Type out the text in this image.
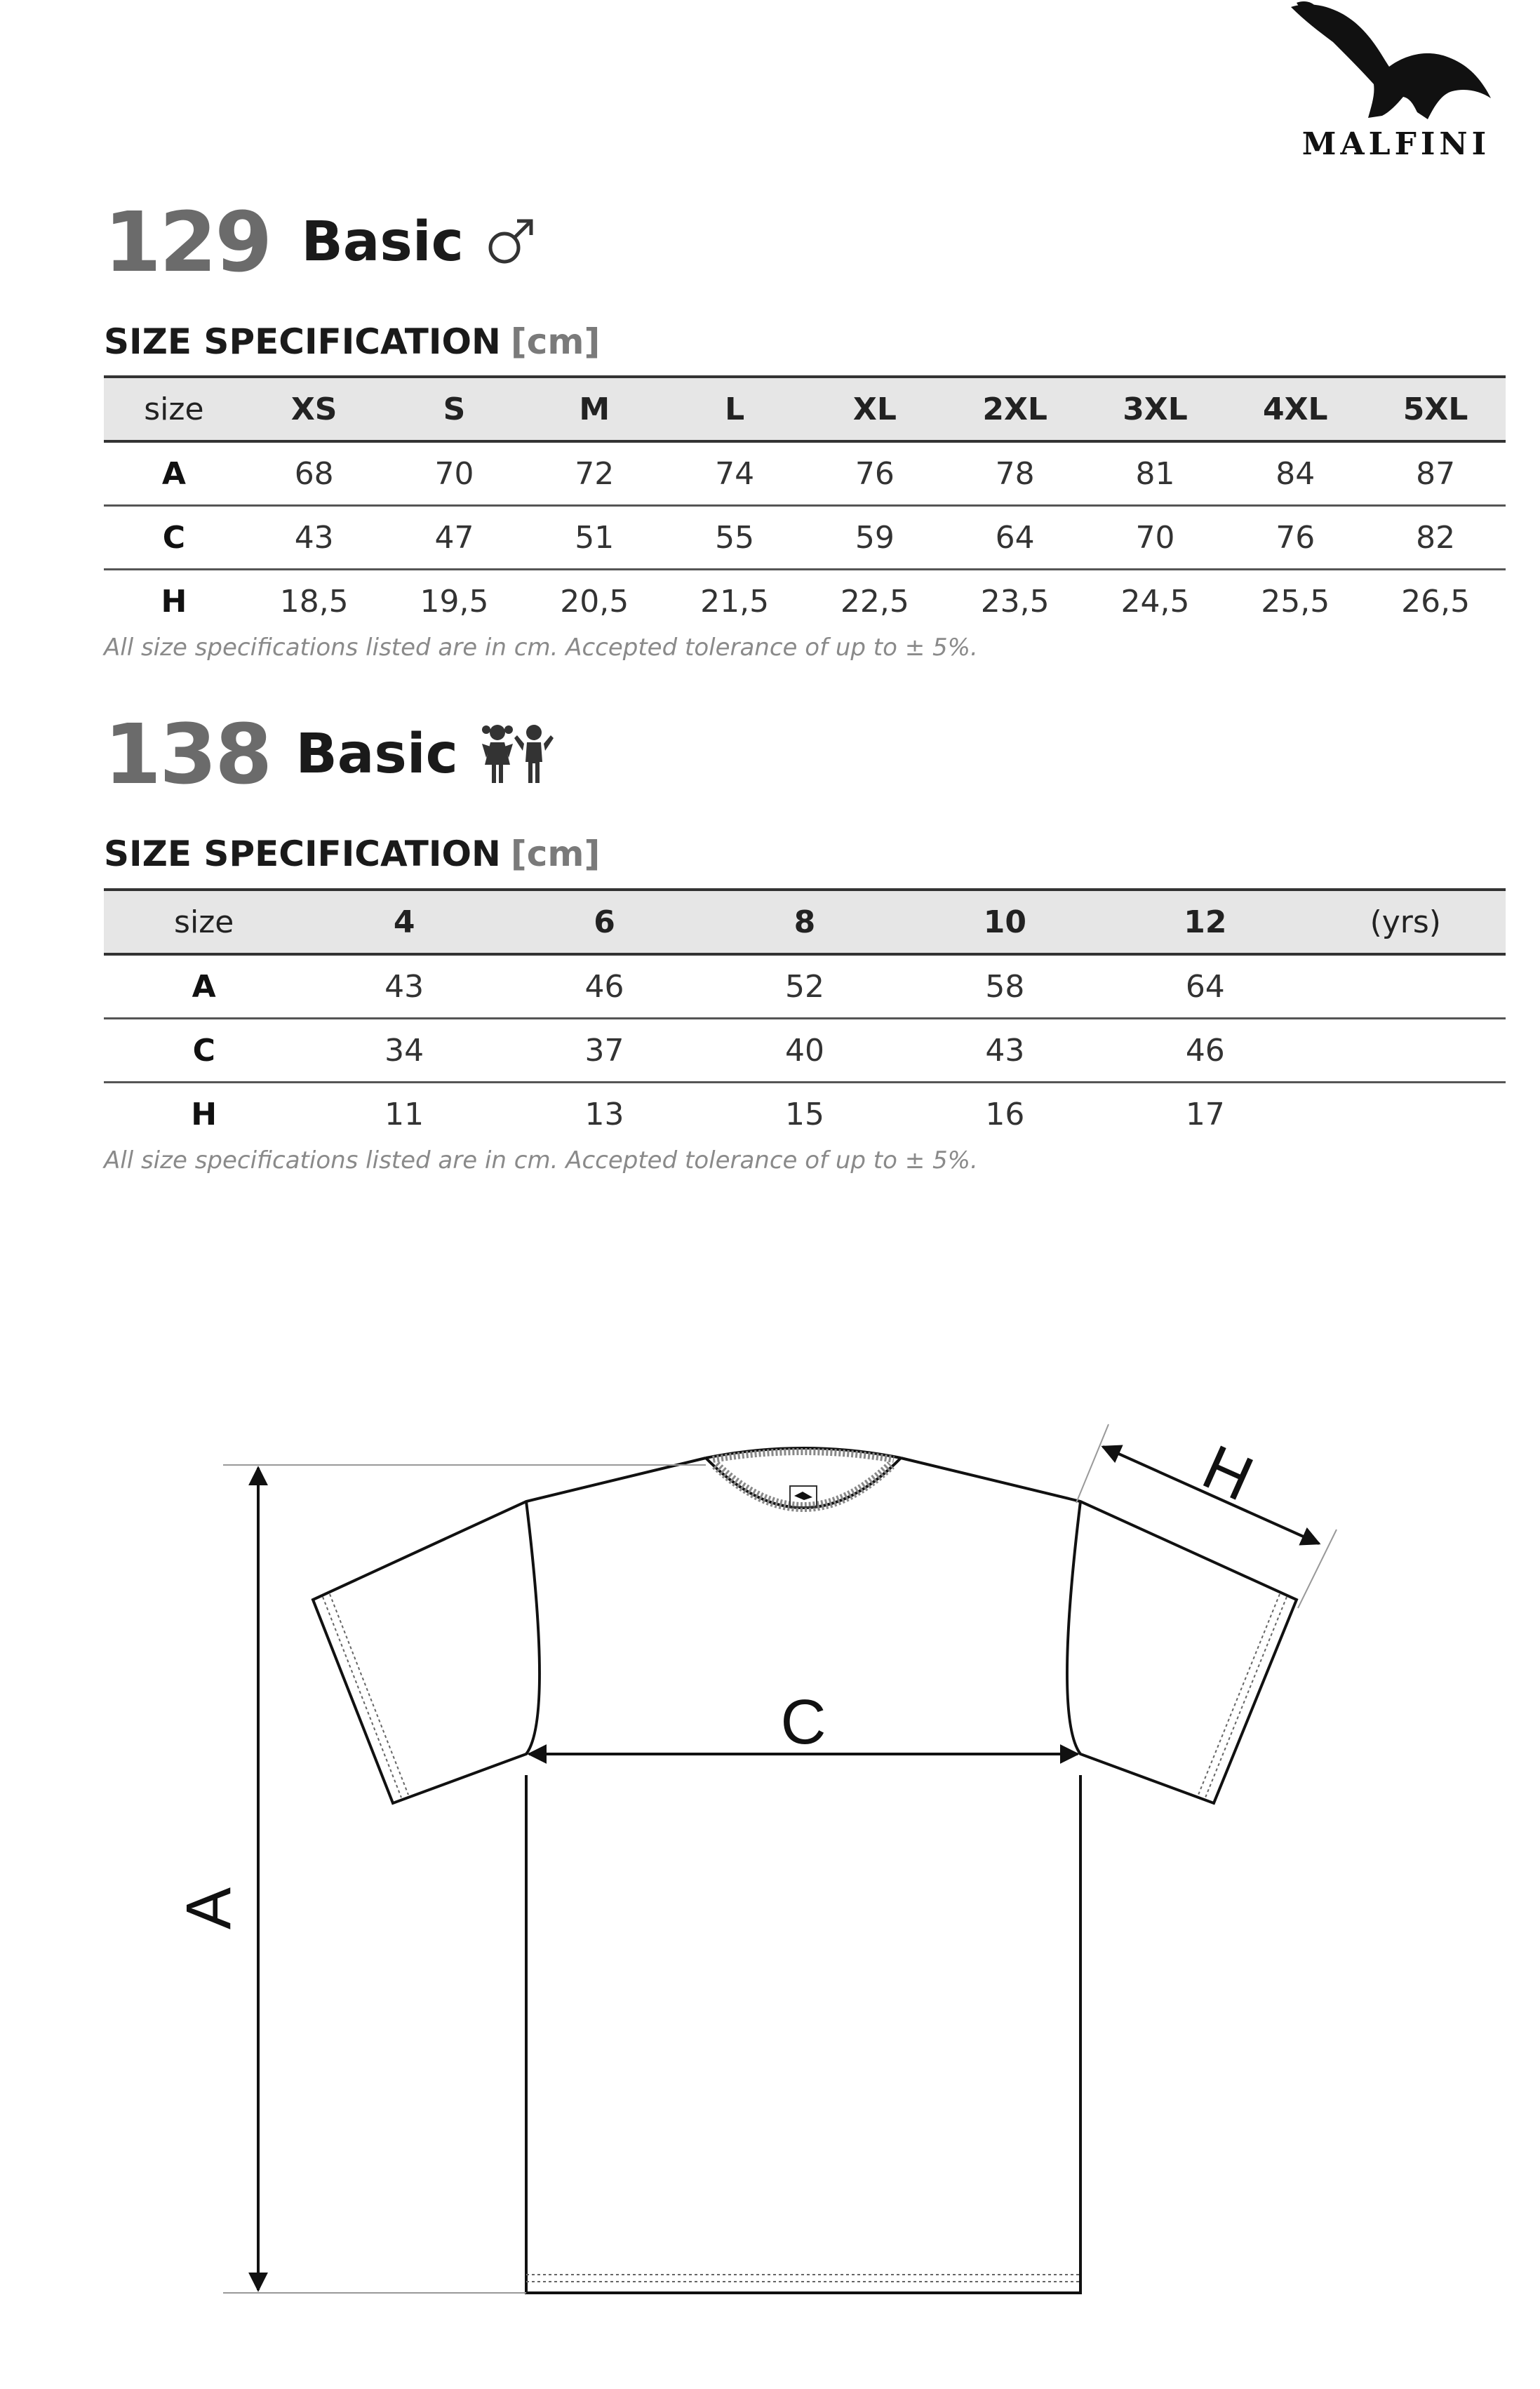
MALFINI
129 Basic
SIZE SPECIFICATION [cm]
size	XS	S	M	L	XL	2XL	3XL	4XL	5XL
A	68	70	72	74	76	78	81	84	87
C	43	47	51	55	59	64	70	76	82
H	18,5	19,5	20,5	21,5	22,5	23,5	24,5	25,5	26,5
All size specifications listed are in cm. Accepted tolerance of up to ± 5%.
138 Basic
SIZE SPECIFICATION [cm]
size	4	6	8	10	12	(yrs)
A	43	46	52	58	64	
C	34	37	40	43	46	
H	11	13	15	16	17	
All size specifications listed are in cm. Accepted tolerance of up to ± 5%.
A
C
H
